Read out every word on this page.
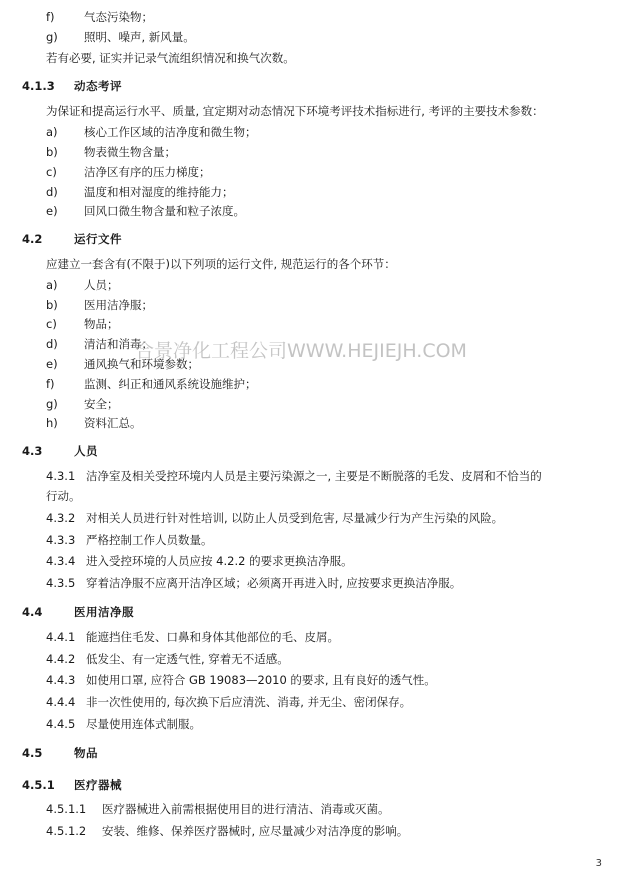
合景净化工程公司WWW.HEJIEJH.COM
f)	气态污染物；
g)	照明、噪声, 新风量。
若有必要, 证实并记录气流组织情况和换气次数。
4.1.3	动态考评
为保证和提高运行水平、质量, 宜定期对动态情况下环境考评技术指标进行, 考评的主要技术参数：
a)	核心工作区域的洁净度和微生物；
b)	物表微生物含量；
c)	洁净区有序的压力梯度；
d)	温度和相对湿度的维持能力；
e)	回风口微生物含量和粒子浓度。
4.2	运行文件
应建立一套含有(不限于)以下列项的运行文件, 规范运行的各个环节：
a)	人员；
b)	医用洁净服；
c)	物品；
d)	清洁和消毒；
e)	通风换气和环境参数；
f)	监测、纠正和通风系统设施维护；
g)	安全；
h)	资料汇总。
4.3	人员
4.3.1 洁净室及相关受控环境内人员是主要污染源之一, 主要是不断脱落的毛发、皮屑和不恰当的
行动。
4.3.2 对相关人员进行针对性培训, 以防止人员受到危害, 尽量减少行为产生污染的风险。
4.3.3 严格控制工作人员数量。
4.3.4 进入受控环境的人员应按 4.2.2 的要求更换洁净服。
4.3.5 穿着洁净服不应离开洁净区域；必须离开再进入时, 应按要求更换洁净服。
4.4	医用洁净服
4.4.1 能遮挡住毛发、口鼻和身体其他部位的毛、皮屑。
4.4.2 低发尘、有一定透气性, 穿着无不适感。
4.4.3 如使用口罩, 应符合 GB 19083—2010 的要求, 且有良好的透气性。
4.4.4 非一次性使用的, 每次换下后应清洗、消毒, 并无尘、密闭保存。
4.4.5 尽量使用连体式制服。
4.5	物品
4.5.1	医疗器械
4.5.1.1	医疗器械进入前需根据使用目的进行清洁、消毒或灭菌。
4.5.1.2	安装、维修、保养医疗器械时, 应尽量减少对洁净度的影响。
3
